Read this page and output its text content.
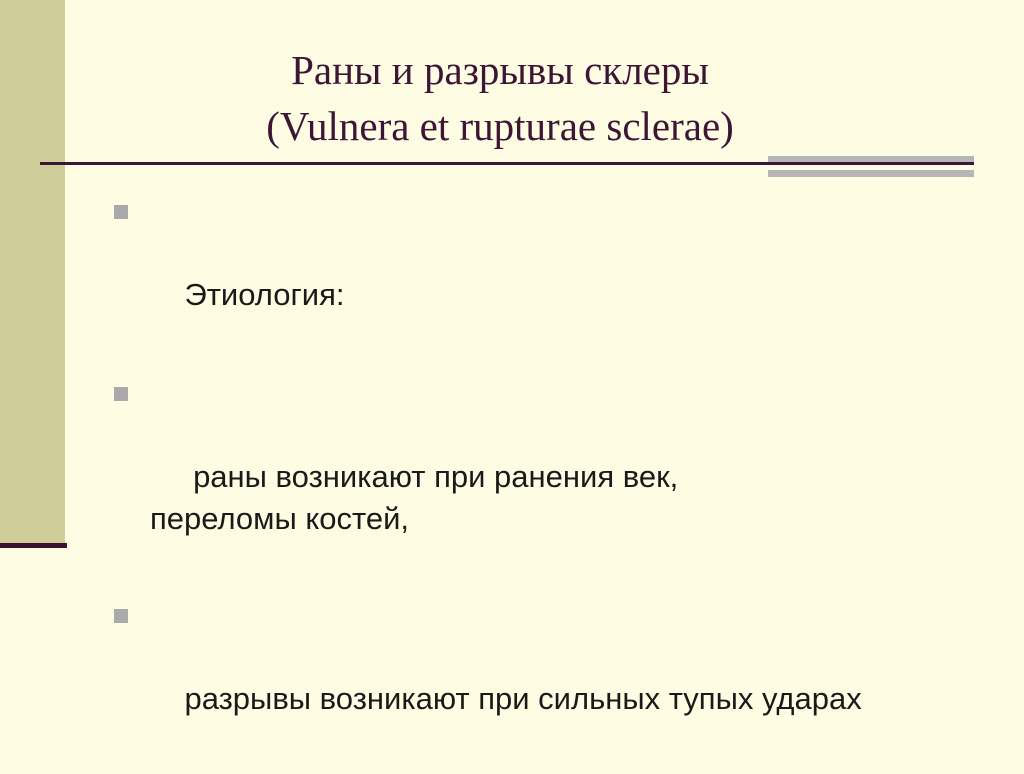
Раны и разрывы склеры
(Vulnera et rupturae sclerae)

Этиология:

раны возникают при ранения век, переломы костей,

разрывы возникают при сильных тупых ударах
